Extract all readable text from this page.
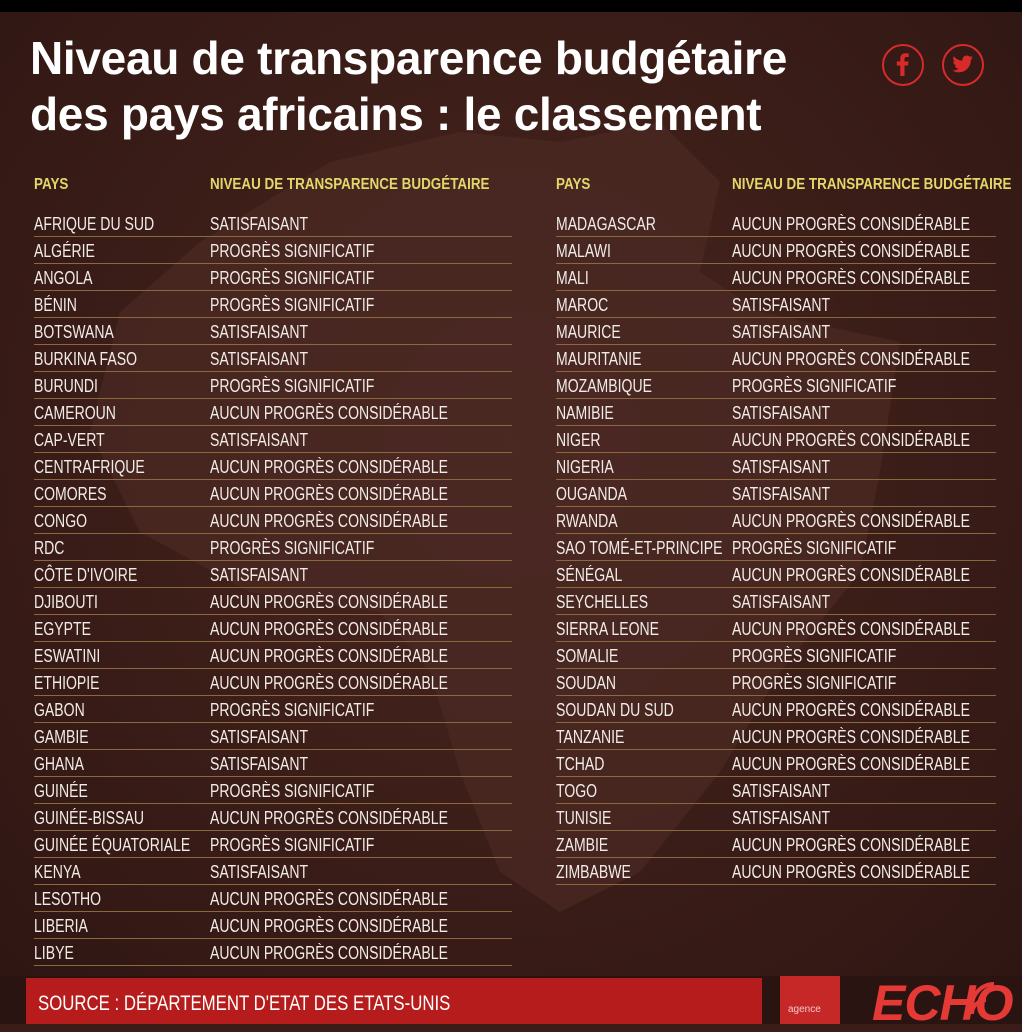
Niveau de transparence budgétaire
des pays africains : le classement
PAYS	NIVEAU DE TRANSPARENCE BUDGÉTAIRE
AFRIQUE DU SUD	SATISFAISANT
ALGÉRIE	PROGRÈS SIGNIFICATIF
ANGOLA	PROGRÈS SIGNIFICATIF
BÉNIN	PROGRÈS SIGNIFICATIF
BOTSWANA	SATISFAISANT
BURKINA FASO	SATISFAISANT
BURUNDI	PROGRÈS SIGNIFICATIF
CAMEROUN	AUCUN PROGRÈS CONSIDÉRABLE
CAP-VERT	SATISFAISANT
CENTRAFRIQUE	AUCUN PROGRÈS CONSIDÉRABLE
COMORES	AUCUN PROGRÈS CONSIDÉRABLE
CONGO	AUCUN PROGRÈS CONSIDÉRABLE
RDC	PROGRÈS SIGNIFICATIF
CÔTE D'IVOIRE	SATISFAISANT
DJIBOUTI	AUCUN PROGRÈS CONSIDÉRABLE
EGYPTE	AUCUN PROGRÈS CONSIDÉRABLE
ESWATINI	AUCUN PROGRÈS CONSIDÉRABLE
ETHIOPIE	AUCUN PROGRÈS CONSIDÉRABLE
GABON	PROGRÈS SIGNIFICATIF
GAMBIE	SATISFAISANT
GHANA	SATISFAISANT
GUINÉE	PROGRÈS SIGNIFICATIF
GUINÉE-BISSAU	AUCUN PROGRÈS CONSIDÉRABLE
GUINÉE ÉQUATORIALE PROGRÈS SIGNIFICATIF
KENYA	SATISFAISANT
LESOTHO	AUCUN PROGRÈS CONSIDÉRABLE
LIBERIA	AUCUN PROGRÈS CONSIDÉRABLE
LIBYE	AUCUN PROGRÈS CONSIDÉRABLE
PAYS	NIVEAU DE TRANSPARENCE BUDGÉTAIRE
MADAGASCAR	AUCUN PROGRÈS CONSIDÉRABLE
MALAWI	AUCUN PROGRÈS CONSIDÉRABLE
MALI	AUCUN PROGRÈS CONSIDÉRABLE
MAROC	SATISFAISANT
MAURICE	SATISFAISANT
MAURITANIE	AUCUN PROGRÈS CONSIDÉRABLE
MOZAMBIQUE	PROGRÈS SIGNIFICATIF
NAMIBIE	SATISFAISANT
NIGER	AUCUN PROGRÈS CONSIDÉRABLE
NIGERIA	SATISFAISANT
OUGANDA	SATISFAISANT
RWANDA	AUCUN PROGRÈS CONSIDÉRABLE
SAO TOMÉ-ET-PRINCIPE PROGRÈS SIGNIFICATIF
SÉNÉGAL	AUCUN PROGRÈS CONSIDÉRABLE
SEYCHELLES	SATISFAISANT
SIERRA LEONE	AUCUN PROGRÈS CONSIDÉRABLE
SOMALIE	PROGRÈS SIGNIFICATIF
SOUDAN	PROGRÈS SIGNIFICATIF
SOUDAN DU SUD	AUCUN PROGRÈS CONSIDÉRABLE
TANZANIE	AUCUN PROGRÈS CONSIDÉRABLE
TCHAD	AUCUN PROGRÈS CONSIDÉRABLE
TOGO	SATISFAISANT
TUNISIE	SATISFAISANT
ZAMBIE	AUCUN PROGRÈS CONSIDÉRABLE
ZIMBABWE	AUCUN PROGRÈS CONSIDÉRABLE
SOURCE : DÉPARTEMENT D'ETAT DES ETATS-UNIS	agence ECHO
